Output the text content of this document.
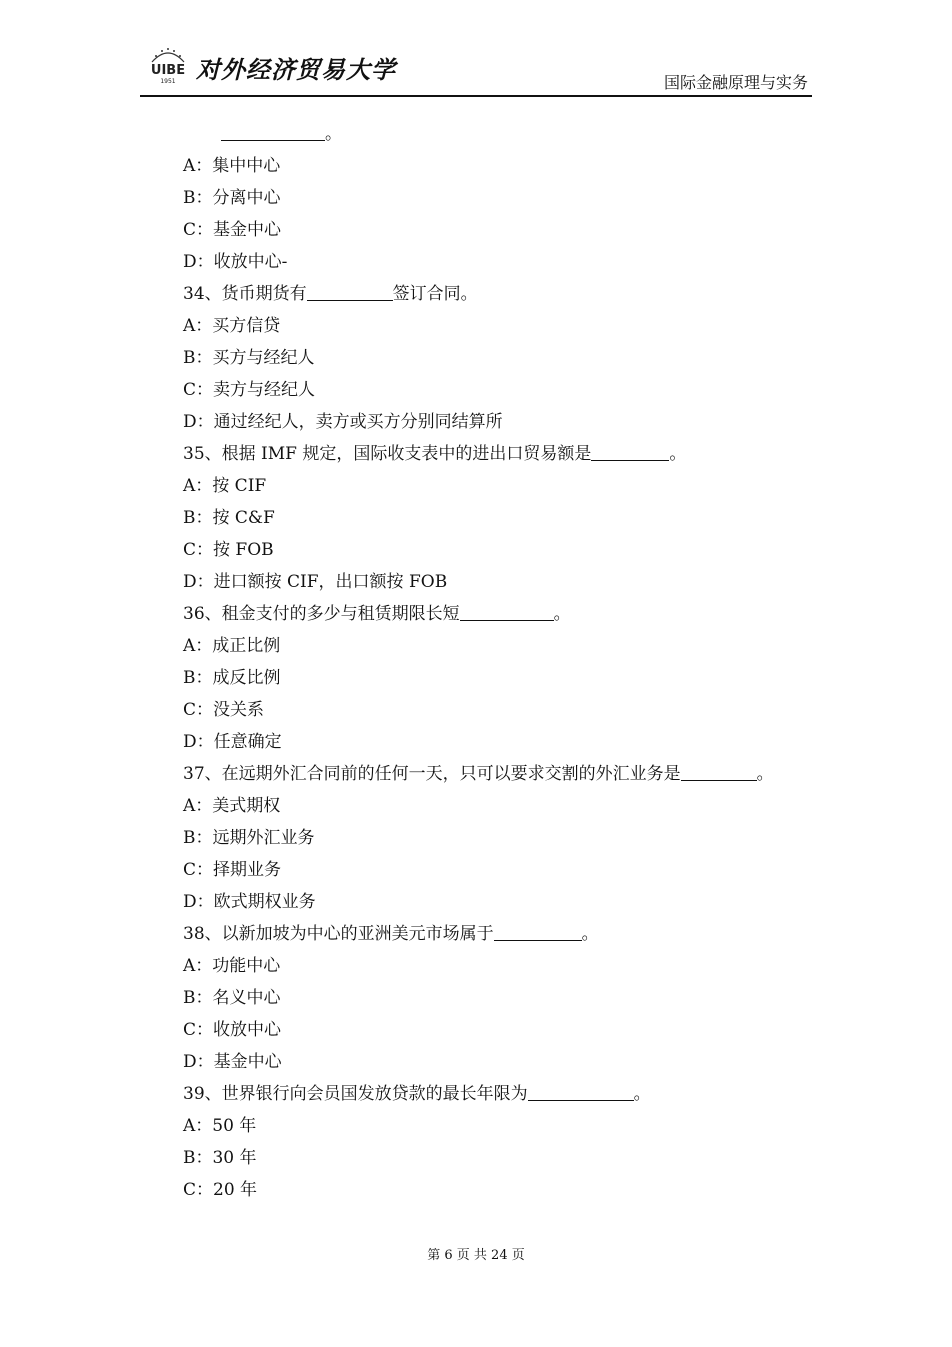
UIBE
1951 对外经济贸易大学	国际金融原理与实务
。
A：集中中心
B：分离中心
C：基金中心
D：收放中心-
34、货币期货有	签订合同。
A：买方信贷
B：买方与经纪人
C：卖方与经纪人
D：通过经纪人，卖方或买方分别同结算所
35、根据 IMF 规定，国际收支表中的进出口贸易额是	。
A：按 CIF
B：按 C&F
C：按 FOB
D：进口额按 CIF，出口额按 FOB
36、租金支付的多少与租赁期限长短	。
A：成正比例
B：成反比例
C：没关系
D：任意确定
37、在远期外汇合同前的任何一天，只可以要求交割的外汇业务是	。
A：美式期权
B：远期外汇业务
C：择期业务
D：欧式期权业务
38、以新加坡为中心的亚洲美元市场属于	。
A：功能中心
B：名义中心
C：收放中心
D：基金中心
39、世界银行向会员国发放贷款的最长年限为	。
A：50 年
B：30 年
C：20 年
第 6 页 共 24 页
